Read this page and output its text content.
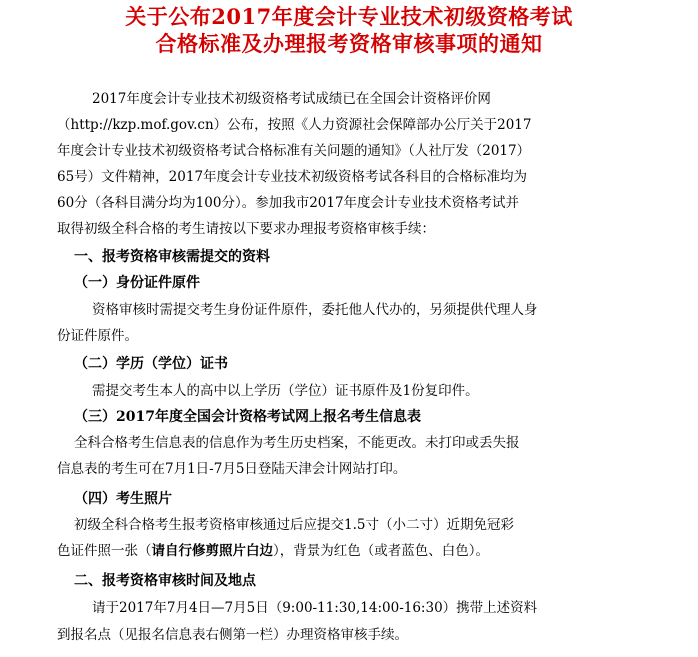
关于公布2017年度会计专业技术初级资格考试
合格标准及办理报考资格审核事项的通知
2017年度会计专业技术初级资格考试成绩已在全国会计资格评价网
（http://kzp.mof.gov.cn）公布，按照《人力资源社会保障部办公厅关于2017
年度会计专业技术初级资格考试合格标准有关问题的通知》（人社厅发（2017）
65号）文件精神，2017年度会计专业技术初级资格考试各科目的合格标准均为
60分（各科目满分均为100分）。参加我市2017年度会计专业技术资格考试并
取得初级全科合格的考生请按以下要求办理报考资格审核手续：
一、报考资格审核需提交的资料
（一）身份证件原件
资格审核时需提交考生身份证件原件，委托他人代办的，另须提供代理人身
份证件原件。
（二）学历（学位）证书
需提交考生本人的高中以上学历（学位）证书原件及1份复印件。
（三）2017年度全国会计资格考试网上报名考生信息表
全科合格考生信息表的信息作为考生历史档案，不能更改。未打印或丢失报
信息表的考生可在7月1日-7月5日登陆天津会计网站打印。
（四）考生照片
初级全科合格考生报考资格审核通过后应提交1.5寸（小二寸）近期免冠彩
色证件照一张（请自行修剪照片白边），背景为红色（或者蓝色、白色）。
二、报考资格审核时间及地点
请于2017年7月4日—7月5日（9:00-11:30,14:00-16:30）携带上述资料
到报名点（见报名信息表右侧第一栏）办理资格审核手续。
